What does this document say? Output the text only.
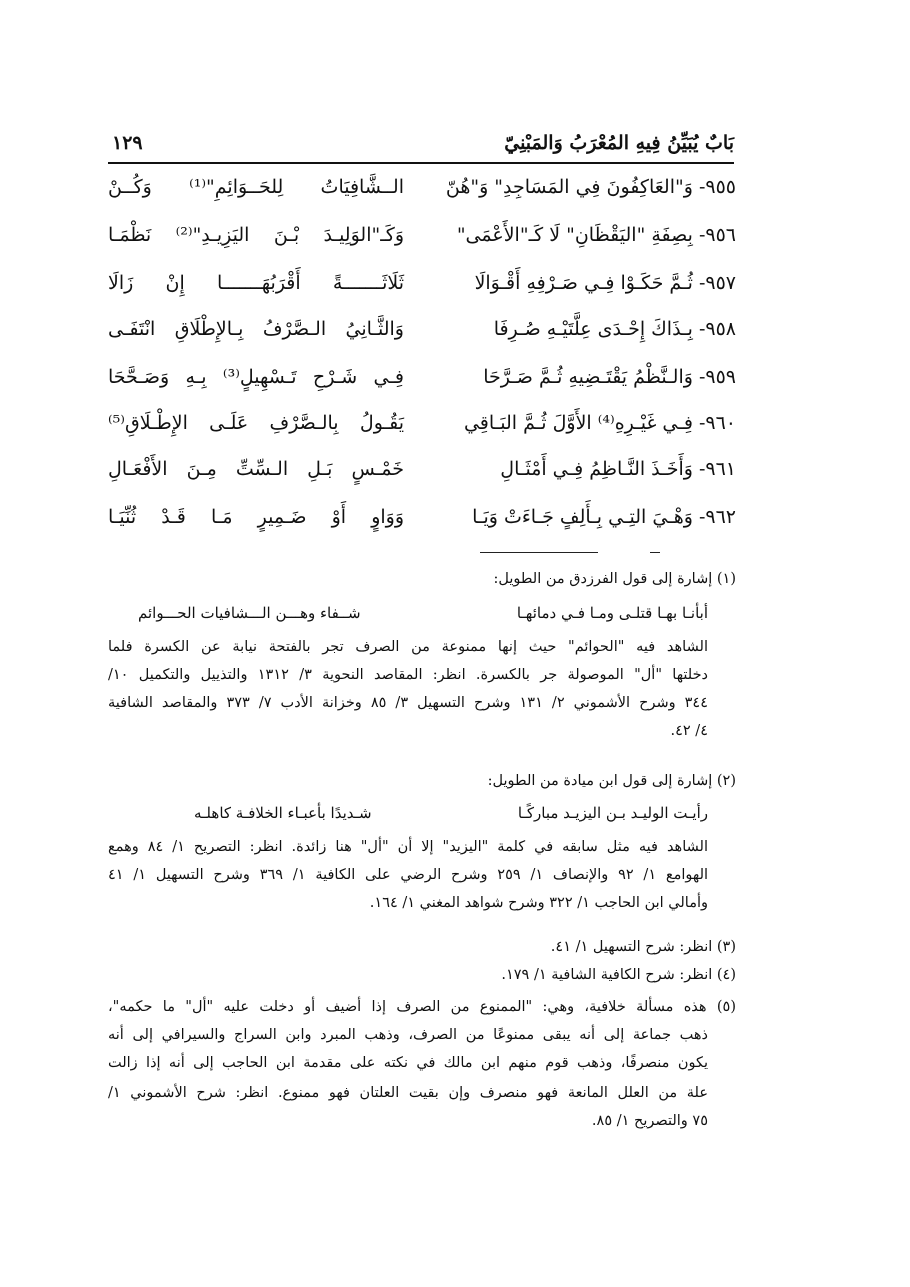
بَابٌ يُبَيِّنُ فِيهِ المُعْرَبُ وَالمَبْنِيّ
١٢٩
٩٥٥- وَ"العَاكِفُونَ فِي المَسَاجِدِ" وَ"هُنّ
الــشَّافِيَاتُ لِلحَــوَائِمِ"⁽¹⁾ وَكُــنْ
٩٥٦- بِصِفَةِ "اليَقْظَانِ" لَا كَـ"الأَعْمَى"
وَكَـ"الوَلِيـدَ بْـنَ اليَزِيـدِ"⁽²⁾ نَظْمَـا
٩٥٧- ثُـمَّ حَكَـوْا فِـي صَـرْفِهِ أَقْـوَالَا
ثَلَاثَـــــــةً أَقْرَبُهَـــــــا إِنْ زَالَا
٩٥٨- بِـذَاكَ إِحْـدَى عِلَّتَيْـهِ صُـرِفَا
وَالثَّـانِيُ الـصَّرْفُ بِـالإِطْلَاقِ انْتَفَـى
٩٥٩- وَالـنَّظْمُ يَقْتَـضِيهِ ثُـمَّ صَـرَّحَا
فِـي شَـرْحِ تَـسْهِيلٍ⁽³⁾ بِـهِ وَصَـحَّحَا
٩٦٠- فِـي غَيْـرِهِ⁽⁴⁾ الأَوَّلَ ثُـمَّ البَـاقِي
يَقُـولُ بِالـصَّرْفِ عَلَـى الإِطْـلَاقِ⁽⁵⁾
٩٦١- وَأَخَـذَ النَّـاظِمُ فِـي أَمْثَـالِ
خَمْـسٍ بَـلِ الـسِّتِّ مِـنَ الأَفْعَـالِ
٩٦٢- وَهْـيَ التِـي بِـأَلِفٍ جَـاءَتْ وَيَـا
وَوَاوٍ أَوْ ضَـمِيرٍ مَـا قَـدْ ثُنِّيَـا
(١) إشارة إلى قول الفرزدق من الطويل:
أبأنـا بهـا قتلـى ومـا فـي دمائهـا
شــفاء وهـــن الـــشافيات الحـــوائم
الشاهد فيه "الحوائم" حيث إنها ممنوعة من الصرف تجر بالفتحة نيابة عن الكسرة فلما
دخلتها "أل" الموصولة جر بالكسرة. انظر: المقاصد النحوية ٣/ ١٣١٢ والتذييل والتكميل ١٠/
٣٤٤ وشرح الأشموني ٢/ ١٣١ وشرح التسهيل ٣/ ٨٥ وخزانة الأدب ٧/ ٣٧٣ والمقاصد الشافية
٤/ ٤٢.
(٢) إشارة إلى قول ابن ميادة من الطويل:
رأيـت الوليـد بـن اليزيـد مباركًـا
شـديدًا بأعبـاء الخلافـة كاهلـه
الشاهد فيه مثل سابقه في كلمة "اليزيد" إلا أن "أل" هنا زائدة. انظر: التصريح ١/ ٨٤ وهمع
الهوامع ١/ ٩٢ والإنصاف ١/ ٢٥٩ وشرح الرضي على الكافية ١/ ٣٦٩ وشرح التسهيل ١/ ٤١
وأمالي ابن الحاجب ١/ ٣٢٢ وشرح شواهد المغني ١/ ١٦٤.
(٣) انظر: شرح التسهيل ١/ ٤١.
(٤) انظر: شرح الكافية الشافية ١/ ١٧٩.
(٥) هذه مسألة خلافية، وهي: "الممنوع من الصرف إذا أضيف أو دخلت عليه "أل" ما حكمه"،
ذهب جماعة إلى أنه يبقى ممنوعًا من الصرف، وذهب المبرد وابن السراج والسيرافي إلى أنه
يكون منصرفًا، وذهب قوم منهم ابن مالك في نكته على مقدمة ابن الحاجب إلى أنه إذا زالت
علة من العلل المانعة فهو منصرف وإن بقيت العلتان فهو ممنوع. انظر: شرح الأشموني ١/
٧٥ والتصريح ١/ ٨٥.
